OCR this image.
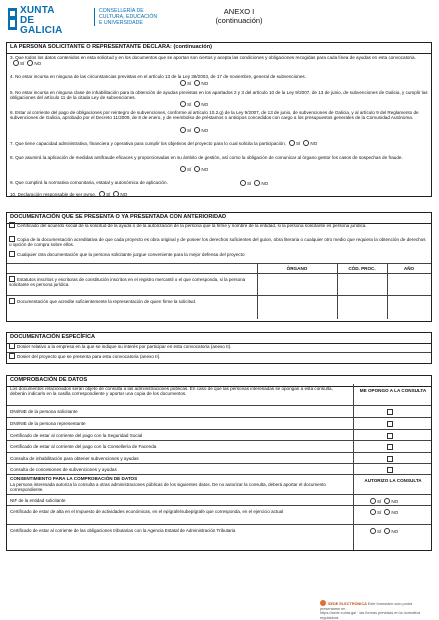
XUNTA
DE GALICIA
CONSELLERÍA DE
CULTURA, EDUCACIÓN
E UNIVERSIDADE
ANEXO I
(continuación)
LA PERSONA SOLICITANTE O REPRESENTANTE DECLARA: (continuación)
3. Que todos los datos contenidos en esta solicitud y en los documentos que se aportan son ciertos y acepta las condiciones y obligaciones recogidas para cada línea de ayudas en esta convocatoria.SÍ NO
4. No estar incursa en ninguna de las circunstancias previstas en el artículo 13 de la Ley 38/2003, de 17 de noviembre, general de subvenciones.
SÍ NO
5. No estar incursa en ninguna clase de inhabilitación para la obtención de ayudas previstas en los apartados 2 y 3 del artículo 10 de la Ley 9/2007, de 13 de junio, de subvenciones de Galicia, y cumplir las obligaciones del artículo 11 de la citada Ley de subvenciones.
SÍ NO
6. Estar al corriente del pago de obligaciones por reintegro de subvenciones, conforme al artículo 10.2.g) de la Ley 9/2007, de 13 de junio, de subvenciones de Galicia, y al artículo 9 del Reglamento de subvenciones de Galicia, aprobado por el Decreto 11/2009, de 8 de enero, y de reembolso de préstamos o anticipos concedidos con cargo a los presupuestos generales de la Comunidad Autónoma.
SÍ NO
7. Que tiene capacidad administrativa, financiera y operativa para cumplir los objetivos del proyecto para lo cual solicita la participación. SÍ NO
8. Que asumirá la aplicación de medidas antifraude eficaces y proporcionadas en su ámbito de gestión, así como la obligación de comunicar al órgano gestor los casos de sospechas de fraude.
SÍ NO
9. Que cumplirá la normativa comunitaria, estatal y autonómica de aplicación.	SÍ NO
10. Declaración responsable de ser pyme. SÍ NO
DOCUMENTACIÓN QUE SE PRESENTA O YA PRESENTADA CON ANTERIORIDAD
Certificado del acuerdo social de la solicitud de la ayuda o de la autorización de la persona que la firme y nombre de la entidad, si la persona solicitante es persona jurídica.
Copia de la documentación acreditativa de que cada proyecto es obra original y de poseer los derechos suficientes del guion, obra literaria o cualquier otro medio que requiera la obtención de derechos u opción de compra sobre ellos.
Cualquier otra documentación que la persona solicitante juzgue conveniente para la mejor defensa del proyecto
ÓRGANO	CÓD. PROC.	AÑO
Estatutos inscritos y escrituras de constitución inscritos en el registro mercantil o el que corresponda, si la persona solicitante es persona jurídica.
Documentación que acredite suficientemente la representación de quien firme la solicitud.
DOCUMENTACIÓN ESPECÍFICA
Dosier relativo a la empresa en la que se indique su interés por participar en esta convocatoria (anexo II).
Dosier del proyecto que se presenta para esta convocatoria (anexo II).
COMPROBACIÓN DE DATOS
Los documentos relacionados serán objeto de consulta a las administraciones públicas. En caso de que las personas interesadas se opongan a esta consulta, deberán indicarlo en la casilla correspondiente y aportar una copia de los documentos.
ME OPONGO A LA CONSULTA
DNI/NIE de la persona solicitante
DNI/NIE de la persona representante
Certificado de estar al corriente del pago con la Seguridad Social
Certificado de estar al corriente del pago con la Consellería de Facenda
Consulta de inhabilitación para obtener subvenciones y ayudas
Consulta de concesiones de subvenciones y ayudas
CONSENTIMIENTO PARA LA COMPROBACIÓN DE DATOS
La persona interesada autoriza la consulta a otras administraciones públicas de los siguientes datos. De no autorizar la consulta, deberá aportar el documento correspondiente.
AUTORIZO LA CONSULTA
NIF de la entidad solicitante	SÍ NO
Certificado de estar de alta en el Impuesto de actividades económicas, en el epígrafe/subepígrafe que corresponda, en el ejercicio actual	SÍ NO
Certificado de estar al corriente de las obligaciones tributarias con la Agencia Estatal de Administración Tributaria	SÍ NO
SEDE ELECTRÓNICA Este formulario solo podrá presentarse en
https://sede.xunta.gal · las formas previstas en la normativa reguladora.
